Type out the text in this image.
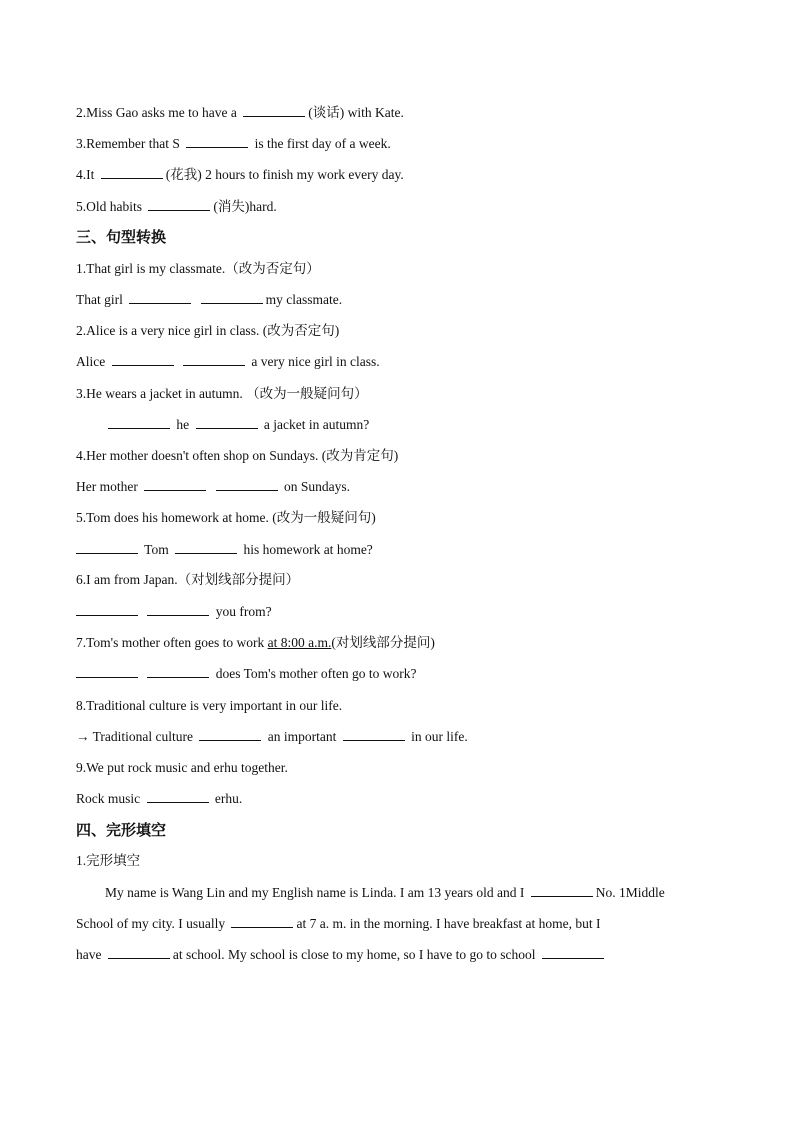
2.Miss Gao asks me to have a	(谈话) with Kate.
3.Remember that S	is the first day of a week.
4.It	(花我) 2 hours to finish my work every day.
5.Old habits	(消失)hard.
三、句型转换
1.That girl is my classmate.（改为否定句）
That girl	my classmate.
2.Alice is a very nice girl in class. (改为否定句)
Alice	a very nice girl in class.
3.He wears a jacket in autumn. （改为一般疑问句）
he	a jacket in autumn?
4.Her mother doesn't often shop on Sundays. (改为肯定句)
Her mother	on Sundays.
5.Tom does his homework at home. (改为一般疑问句)
Tom	his homework at home?
6.I am from Japan.（对划线部分提问）
you from?
7.Tom's mother often goes to work at 8:00 a.m.(对划线部分提问)
does Tom's mother often go to work?
8.Traditional culture is very important in our life.
→ Traditional culture	an important	in our life.
9.We put rock music and erhu together.
Rock music	erhu.
四、完形填空
1.完形填空
My name is Wang Lin and my English name is Linda. I am 13 years old and I	No. 1Middle
School of my city. I usually	at 7 a. m. in the morning. I have breakfast at home, but I
have	at school. My school is close to my home, so I have to go to school
